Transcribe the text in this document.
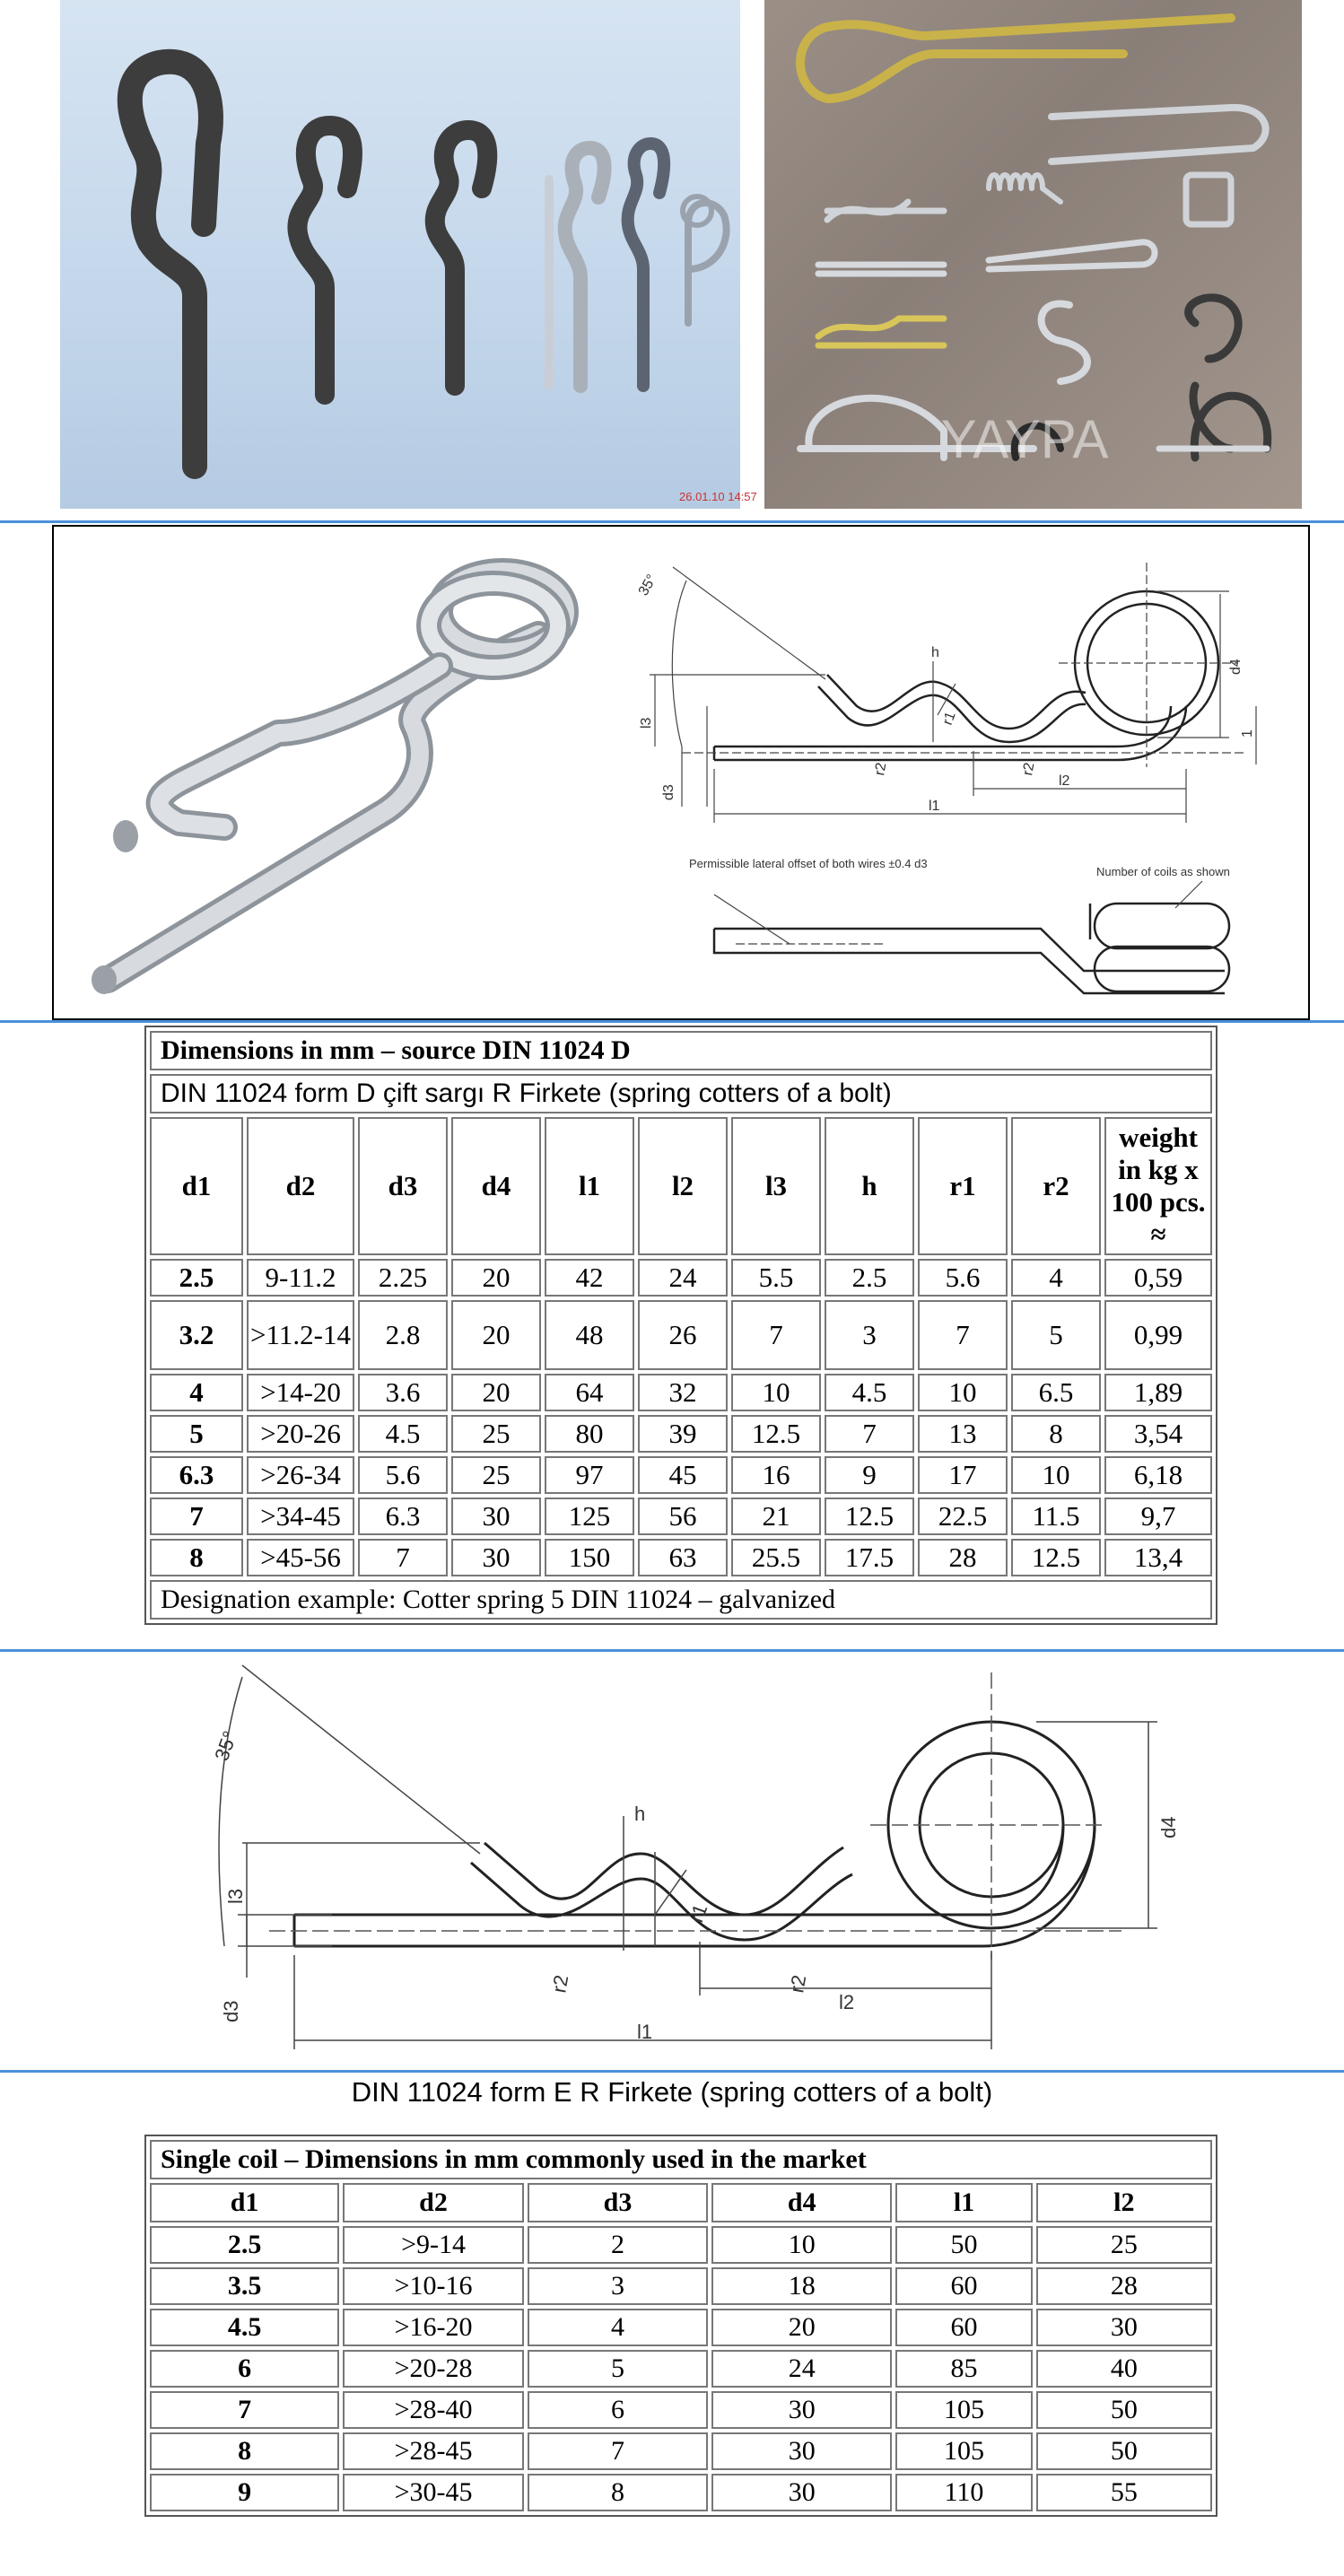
26.01.10 14:57
YAYPA
35°
h
r1
r2	r2
l1
l2
l3
d3
d4
1
Permissible lateral offset of both wires ±0.4 d3
Number of coils as shown
Dimensions in mm – source DIN 11024 D										
DIN 11024 form D çift sargı R Firkete (spring cotters of a bolt)										
d1	d2	d3	d4	l1	l2	l3	h	r1	r2	weight in kg x 100 pcs. ≈
2.5	9-11.2	2.25	20	42	24	5.5	2.5	5.6	4	0,59
3.2	>11.2-14	2.8	20	48	26	7	3	7	5	0,99
4	>14-20	3.6	20	64	32	10	4.5	10	6.5	1,89
5	>20-26	4.5	25	80	39	12.5	7	13	8	3,54
6.3	>26-34	5.6	25	97	45	16	9	17	10	6,18
7	>34-45	6.3	30	125	56	21	12.5	22.5	11.5	9,7
8	>45-56	7	30	150	63	25.5	17.5	28	12.5	13,4
Designation example: Cotter spring 5 DIN 11024 – galvanized										
35°
h
r1
r2	r2
l1
l2
l3
d3
d4
DIN 11024 form E R Firkete (spring cotters of a bolt)
Single coil – Dimensions in mm commonly used in the market					
d1	d2	d3	d4	l1	l2
2.5	>9-14	2	10	50	25
3.5	>10-16	3	18	60	28
4.5	>16-20	4	20	60	30
6	>20-28	5	24	85	40
7	>28-40	6	30	105	50
8	>28-45	7	30	105	50
9	>30-45	8	30	110	55
